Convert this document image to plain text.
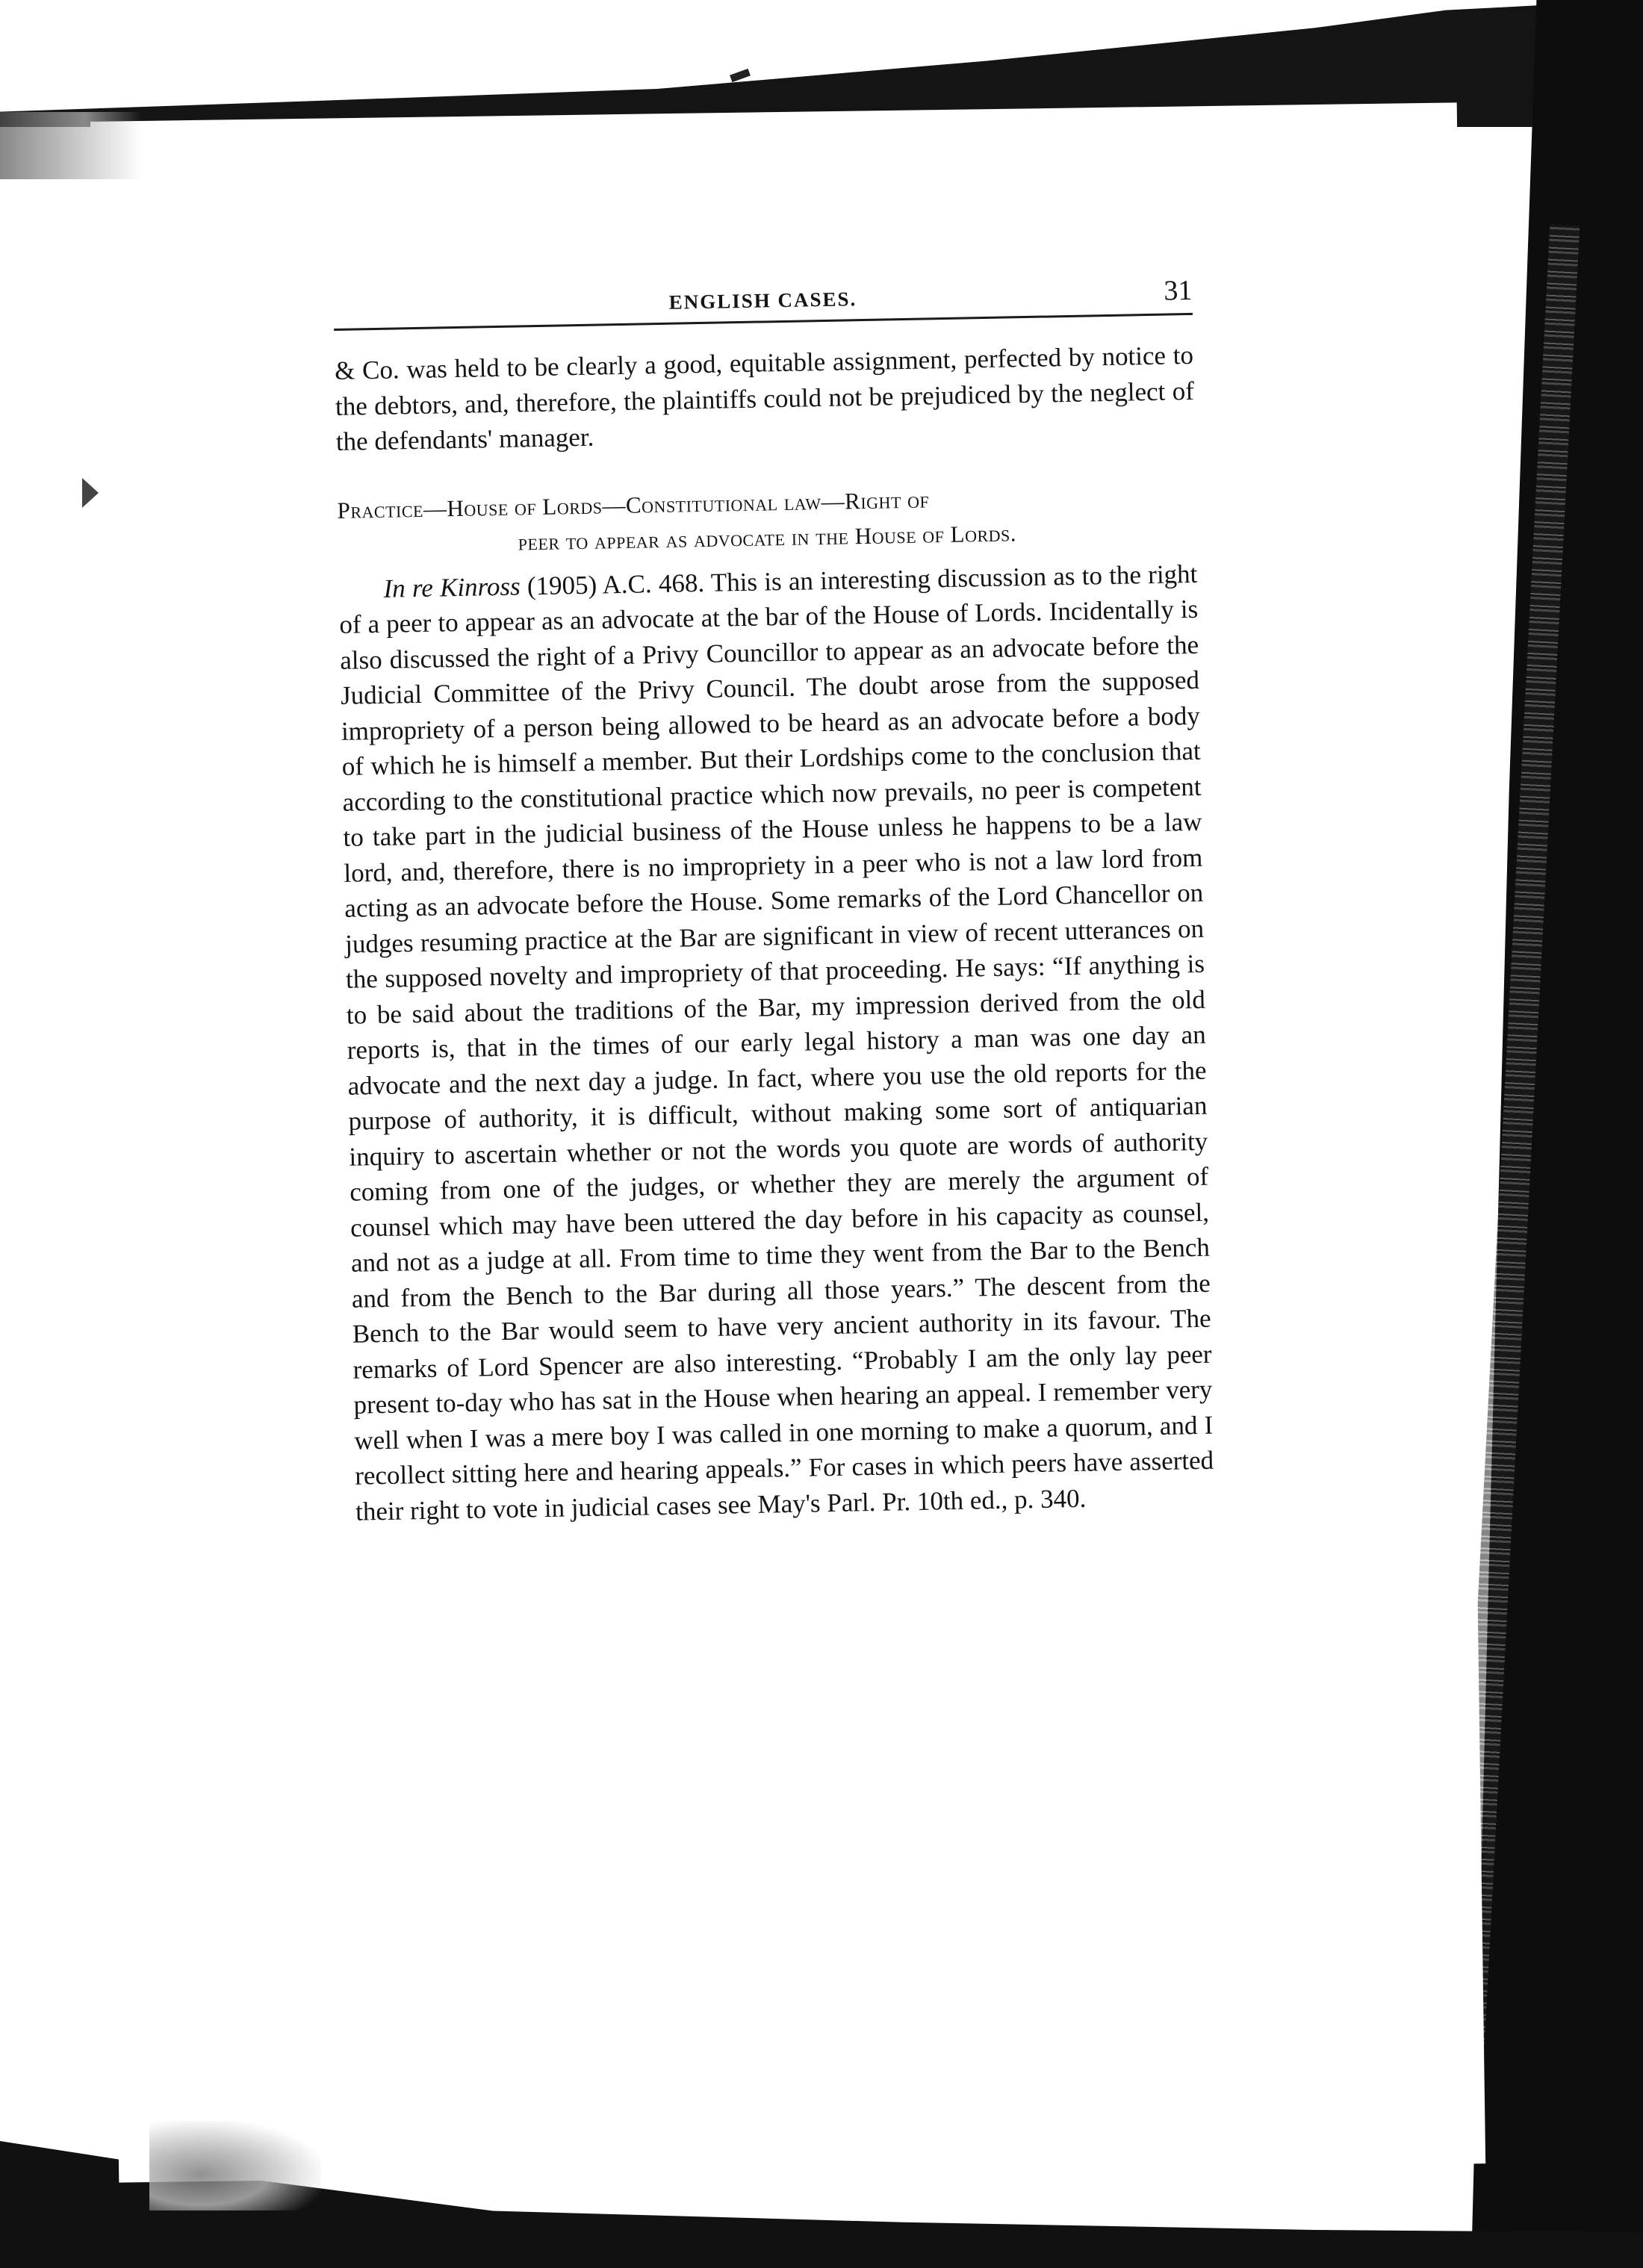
ENGLISH CASES.	31

& Co. was held to be clearly a good, equitable assignment, perfected by notice to the debtors, and, therefore, the plaintiffs could not be prejudiced by the neglect of the defendants' manager.

Practice—House of Lords—Constitutional law—Right of
peer to appear as advocate in the House of Lords.

In re Kinross (1905) A.C. 468. This is an interesting discussion as to the right of a peer to appear as an advocate at the bar of the House of Lords. Incidentally is also discussed the right of a Privy Councillor to appear as an advocate before the Judicial Committee of the Privy Council. The doubt arose from the supposed impropriety of a person being allowed to be heard as an advocate before a body of which he is himself a member. But their Lordships come to the conclusion that according to the constitutional practice which now prevails, no peer is competent to take part in the judicial business of the House unless he happens to be a law lord, and, therefore, there is no impropriety in a peer who is not a law lord from acting as an advocate before the House. Some remarks of the Lord Chancellor on judges resuming practice at the Bar are significant in view of recent utterances on the supposed novelty and impropriety of that proceeding. He says: “If anything is to be said about the traditions of the Bar, my impression derived from the old reports is, that in the times of our early legal history a man was one day an advocate and the next day a judge. In fact, where you use the old reports for the purpose of authority, it is difficult, without making some sort of antiquarian inquiry to ascertain whether or not the words you quote are words of authority coming from one of the judges, or whether they are merely the argument of counsel which may have been uttered the day before in his capacity as counsel, and not as a judge at all. From time to time they went from the Bar to the Bench and from the Bench to the Bar during all those years.” The descent from the Bench to the Bar would seem to have very ancient authority in its favour. The remarks of Lord Spencer are also interesting. “Probably I am the only lay peer present to-day who has sat in the House when hearing an appeal. I remember very well when I was a mere boy I was called in one morning to make a quorum, and I recollect sitting here and hearing appeals.” For cases in which peers have asserted their right to vote in judicial cases see May's Parl. Pr. 10th ed., p. 340.
